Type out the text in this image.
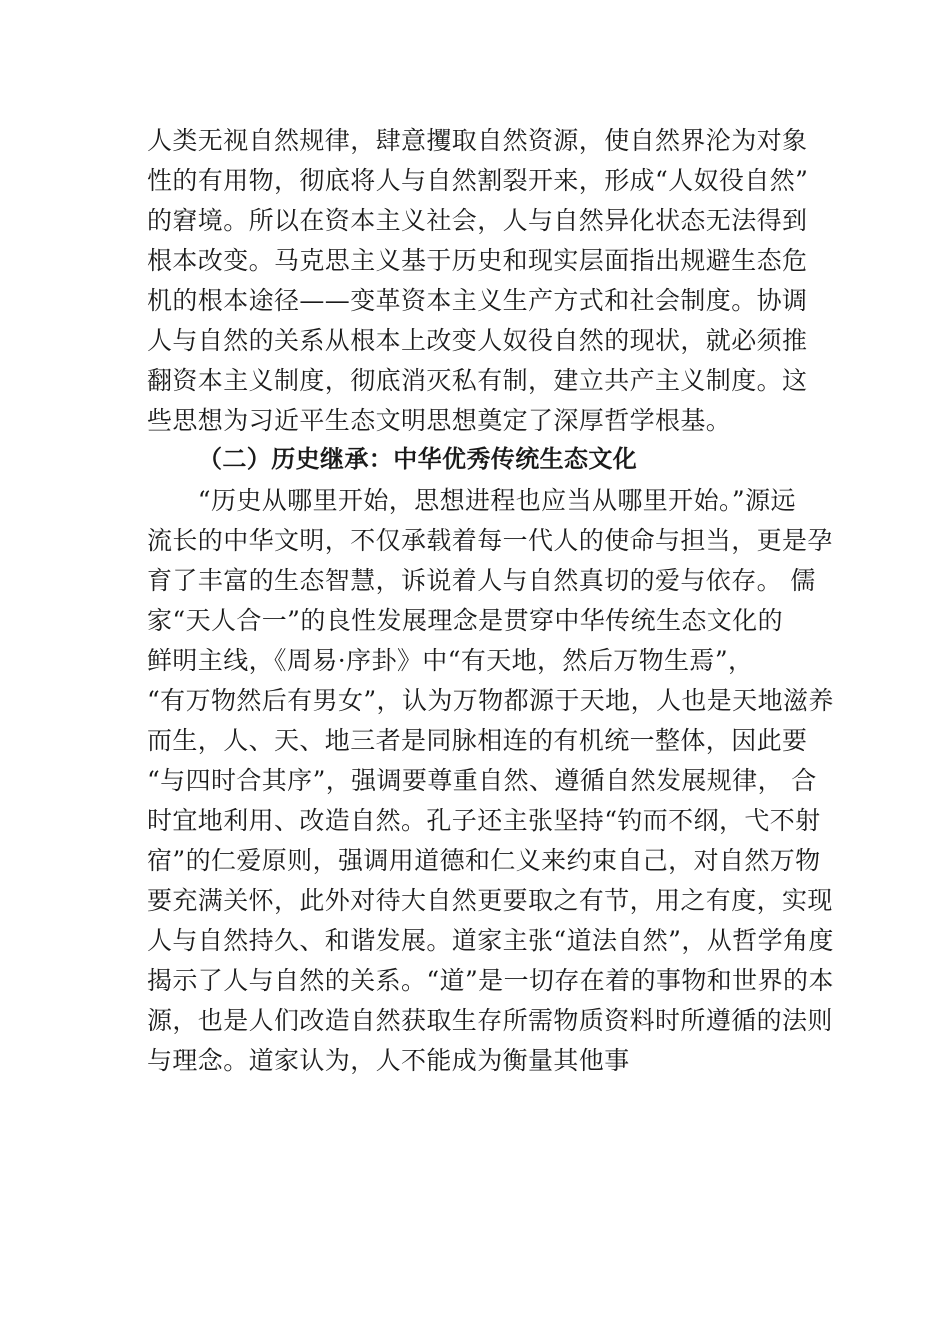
人类无视自然规律，肆意攫取自然资源，使自然界沦为对象
性的有用物，彻底将人与自然割裂开来，形成“人奴役自然”
的窘境。所以在资本主义社会，人与自然异化状态无法得到
根本改变。马克思主义基于历史和现实层面指出规避生态危
机的根本途径——变革资本主义生产方式和社会制度。协调
人与自然的关系从根本上改变人奴役自然的现状，就必须推
翻资本主义制度，彻底消灭私有制，建立共产主义制度。这
些思想为习近平生态文明思想奠定了深厚哲学根基。
（二）历史继承：中华优秀传统生态文化
　　“历史从哪里开始，思想进程也应当从哪里开始。”源远
流长的中华文明，不仅承载着每一代人的使命与担当，更是孕
育了丰富的生态智慧，诉说着人与自然真切的爱与依存。 儒
家“天人合一”的良性发展理念是贯穿中华传统生态文化的
鲜明主线，《周易·序卦》中“有天地，然后万物生焉”，
“有万物然后有男女”，认为万物都源于天地，人也是天地滋养
而生，人、天、地三者是同脉相连的有机统一整体，因此要
“与四时合其序”，强调要尊重自然、遵循自然发展规律， 合
时宜地利用、改造自然。孔子还主张坚持“钓而不纲，弋不射
宿”的仁爱原则，强调用道德和仁义来约束自己，对自然万物
要充满关怀，此外对待大自然更要取之有节，用之有度，实现
人与自然持久、和谐发展。道家主张“道法自然”，从哲学角度
揭示了人与自然的关系。“道”是一切存在着的事物和世界的本
源，也是人们改造自然获取生存所需物质资料时所遵循的法则
与理念。道家认为，人不能成为衡量其他事
